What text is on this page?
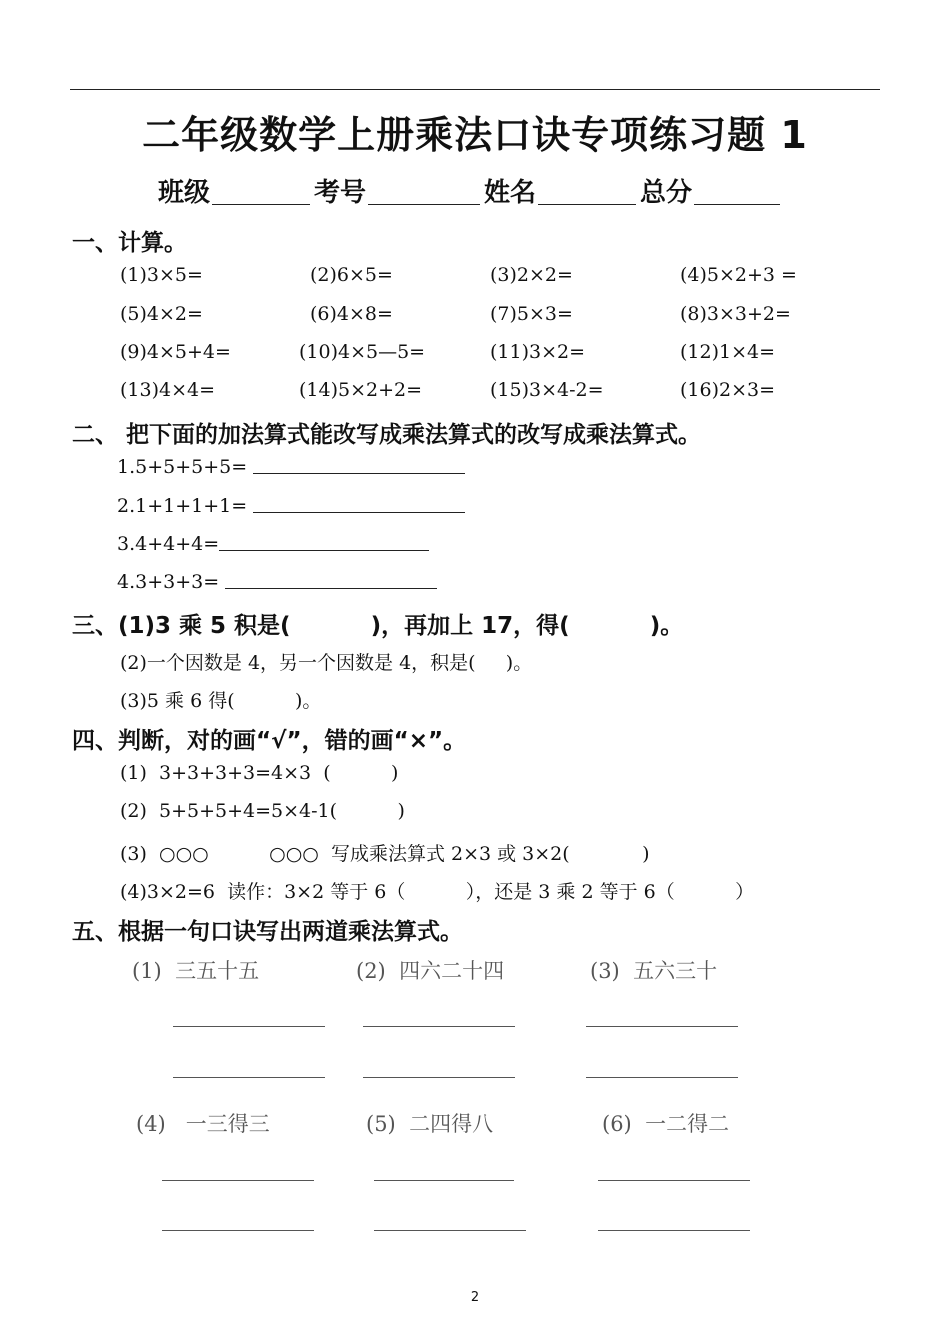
二年级数学上册乘法口诀专项练习题 1
班级	考号	姓名	总分
一、计算。
(1)3×5=	(2)6×5=	(3)2×2=	(4)5×2+3 =
(5)4×2=	(6)4×8=	(7)5×3=	(8)3×3+2=
(9)4×5+4=	(10)4×5—5=	(11)3×2=	(12)1×4=
(13)4×4=	(14)5×2+2=	(15)3×4-2=	(16)2×3=
二、 把下面的加法算式能改写成乘法算式的改写成乘法算式。
1.5+5+5+5=
2.1+1+1+1=
3.4+4+4=
4.3+3+3=
三、(1)3 乘 5 积是(          )，再加上 17，得(          )。
(2)一个因数是 4，另一个因数是 4，积是(     )。
(3)5 乘 6 得(          )。
四、判断，对的画“√”，错的画“×”。
(1)  3+3+3+3=4×3  (          )
(2)  5+5+5+4=5×4-1(          )
(3)  ○○○          ○○○  写成乘法算式 2×3 或 3×2(            )
(4)3×2=6  读作：3×2 等于 6（          ），还是 3 乘 2 等于 6（          ）
五、根据一句口诀写出两道乘法算式。
(1)  三五十五	(2)  四六二十四	(3)  五六三十
(4)   一三得三	(5)  二四得八	(6)  一二得二
2
